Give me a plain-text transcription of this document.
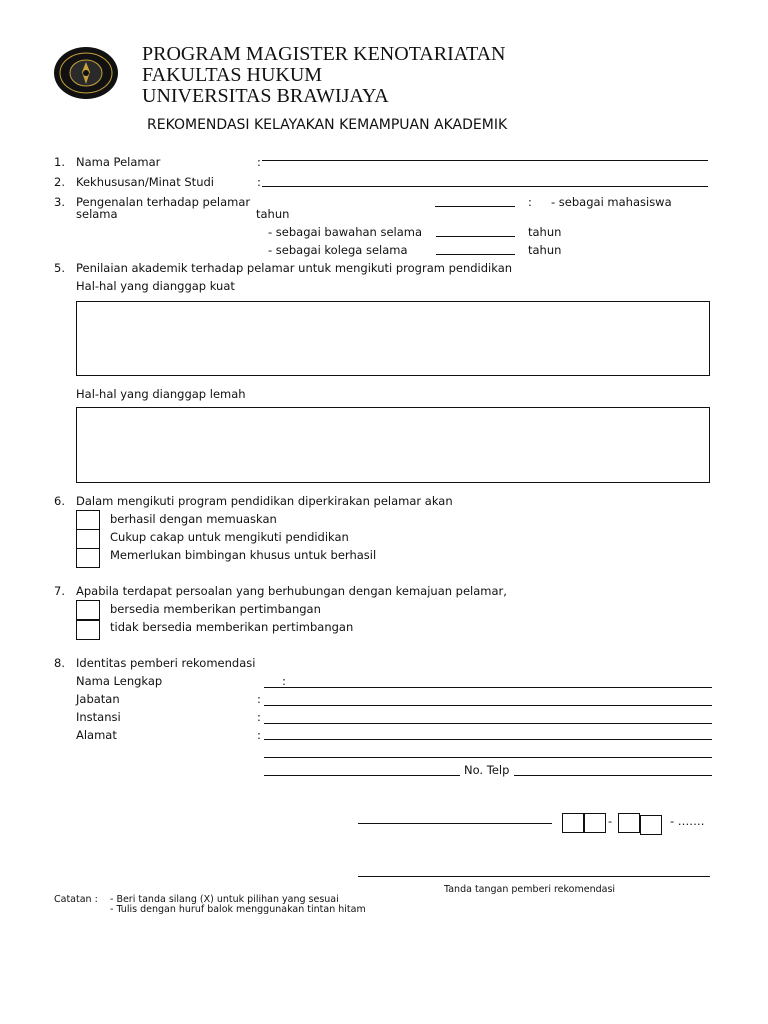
PROGRAM MAGISTER KENOTARIATAN
FAKULTAS HUKUM
UNIVERSITAS BRAWIJAYA
REKOMENDASI KELAYAKAN KEMAMPUAN AKADEMIK
1. Nama Pelamar	:
2. Kekhususan/Minat Studi	:
3. Pengenalan terhadap pelamar	: - sebagai mahasiswa
selama	tahun
- sebagai bawahan selama	tahun
- sebagai kolega selama	tahun
5. Penilaian akademik terhadap pelamar untuk mengikuti program pendidikan
Hal-hal yang dianggap kuat
Hal-hal yang dianggap lemah
6. Dalam mengikuti program pendidikan diperkirakan pelamar akan
berhasil dengan memuaskan
Cukup cakap untuk mengikuti pendidikan
Memerlukan bimbingan khusus untuk berhasil
7. Apabila terdapat persoalan yang berhubungan dengan kemajuan pelamar,
bersedia memberikan pertimbangan
tidak bersedia memberikan pertimbangan
8. Identitas pemberi rekomendasi
Nama Lengkap	:
Jabatan	:
Instansi	:
Alamat	:
No. Telp
-	- …….
Tanda tangan pemberi rekomendasi
Catatan : - Beri tanda silang (X) untuk pilihan yang sesuai
- Tulis dengan huruf balok menggunakan tintan hitam
